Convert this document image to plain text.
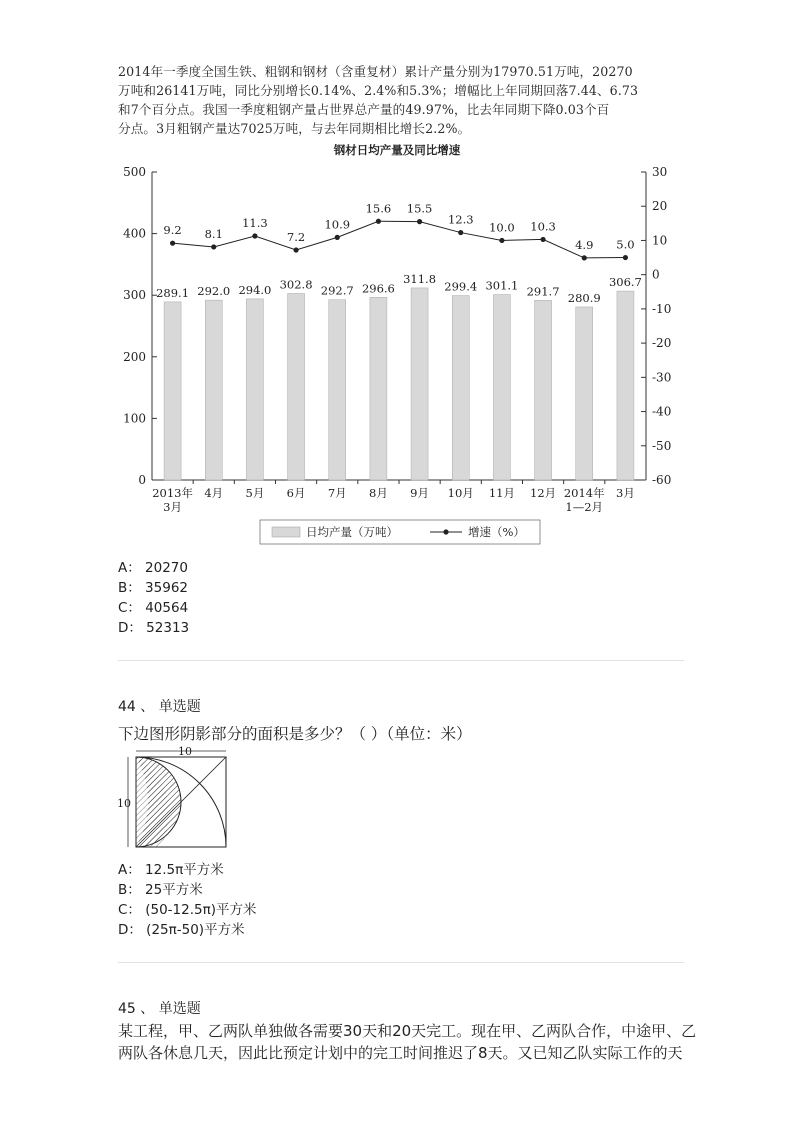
2014年一季度全国生铁、粗钢和钢材（含重复材）累计产量分别为17970.51万吨，20270
万吨和26141万吨，同比分别增长0.14%、2.4%和5.3%；增幅比上年同期回落7.44、6.73
和7个百分点。我国一季度粗钢产量占世界总产量的49.97%，比去年同期下降0.03个百
分点。3月粗钢产量达7025万吨，与去年同期相比增长2.2%。
钢材日均产量及同比增速
0
100
200
300
400
500
-60
-50
-40
-30
-20
-10
0
10
20
30
2013年
3月
4月 5月 6月 7月 8月 9月 10月 11月 12月 2014年
1—2月
3月
289.1 292.0 294.0 302.8 292.7 296.6
311.8
299.4 301.1 291.7 280.9
306.7
9.2 8.1
11.3
7.2
10.9
15.6 15.5
12.3
10.0 10.3
4.9 5.0
日均产量（万吨）	增速（%）
A： 20270
B： 35962
C： 40564
D： 52313
44 、 单选题
下边图形阴影部分的面积是多少？（ ）（单位：米）
10
10
A： 12.5π平方米
B： 25平方米
C： (50-12.5π)平方米
D： (25π-50)平方米
45 、 单选题
某工程，甲、乙两队单独做各需要30天和20天完工。现在甲、乙两队合作，中途甲、乙
两队各休息几天，因此比预定计划中的完工时间推迟了8天。又已知乙队实际工作的天
